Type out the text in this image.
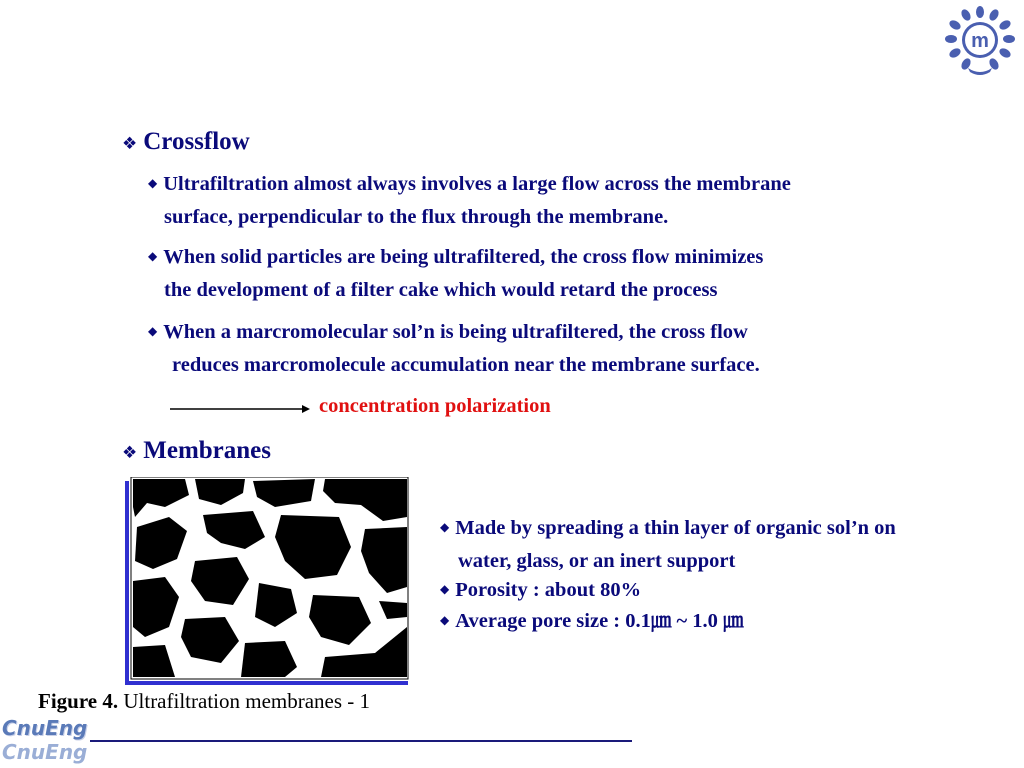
m
❖ Crossflow
◆ Ultrafiltration almost always involves a large flow across the membrane
surface, perpendicular to the flux through the membrane.
◆ When solid particles are being ultrafiltered, the cross flow minimizes
the development of a filter cake which would retard the process
◆ When a marcromolecular sol’n is being ultrafiltered, the cross flow
reduces marcromolecule accumulation near the membrane surface.
concentration polarization
❖ Membranes
◆ Made by spreading a thin layer of organic sol’n on
water, glass, or an inert support
◆ Porosity : about 80%
◆ Average pore size : 0.1㎛ ~ 1.0 ㎛
Figure 4. Ultrafiltration membranes - 1
CnuEng
CnuEng
